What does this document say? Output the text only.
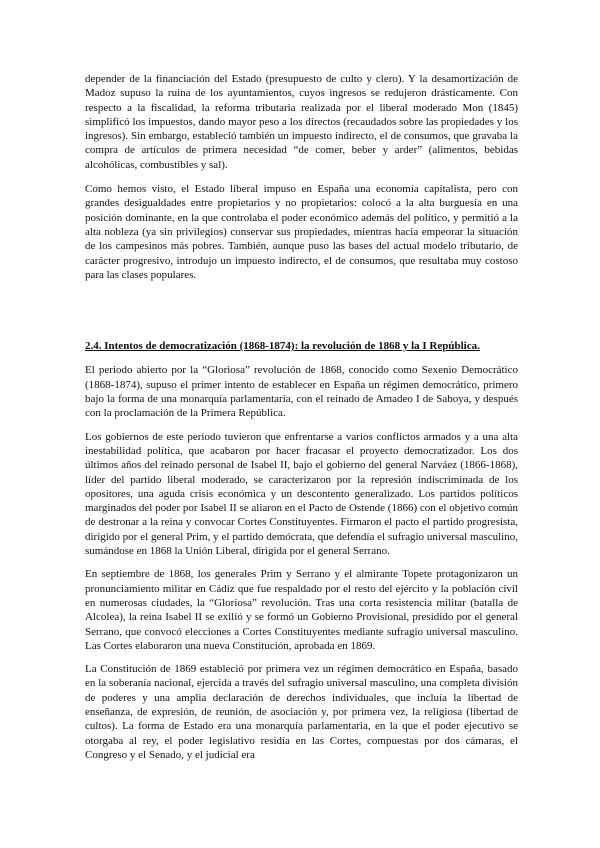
depender de la financiación del Estado (presupuesto de culto y clero). Y la desamortización de Madoz supuso la ruina de los ayuntamientos, cuyos ingresos se redujeron drásticamente. Con respecto a la fiscalidad, la reforma tributaria realizada por el liberal moderado Mon (1845) simplificó los impuestos, dando mayor peso a los directos (recaudados sobre las propiedades y los ingresos). Sin embargo, estableció también un impuesto indirecto, el de consumos, que gravaba la compra de artículos de primera necesidad “de comer, beber y arder” (alimentos, bebidas alcohólicas, combustibles y sal).

Como hemos visto, el Estado liberal impuso en España una economía capitalista, pero con grandes desigualdades entre propietarios y no propietarios: colocó a la alta burguesía en una posición dominante, en la que controlaba el poder económico además del político, y permitió a la alta nobleza (ya sin privilegios) conservar sus propiedades, mientras hacía empeorar la situación de los campesinos más pobres. También, aunque puso las bases del actual modelo tributario, de carácter progresivo, introdujo un impuesto indirecto, el de consumos, que resultaba muy costoso para las clases populares.

2.4. Intentos de democratización (1868-1874): la revolución de 1868 y la I República.

El periodo abierto por la “Gloriosa” revolución de 1868, conocido como Sexenio Democrático (1868-1874), supuso el primer intento de establecer en España un régimen democrático, primero bajo la forma de una monarquía parlamentaria, con el reinado de Amadeo I de Saboya, y después con la proclamación de la Primera República.

Los gobiernos de este periodo tuvieron que enfrentarse a varios conflictos armados y a una alta inestabilidad política, que acabaron por hacer fracasar el proyecto democratizador. Los dos últimos años del reinado personal de Isabel II, bajo el gobierno del general Narváez (1866-1868), líder del partido liberal moderado, se caracterizaron por la represión indiscriminada de los opositores, una aguda crisis económica y un descontento generalizado. Los partidos políticos marginados del poder por Isabel II se aliaron en el Pacto de Ostende (1866) con el objetivo común de destronar a la reina y convocar Cortes Constituyentes. Firmaron el pacto el partido progresista, dirigido por el general Prim, y el partido demócrata, que defendía el sufragio universal masculino, sumándose en 1868 la Unión Liberal, dirigida por el general Serrano.

En septiembre de 1868, los generales Prim y Serrano y el almirante Topete protagonizaron un pronunciamiento militar en Cádiz que fue respaldado por el resto del ejército y la población civil en numerosas ciudades, la “Gloriosa” revolución. Tras una corta resistencia militar (batalla de Alcolea), la reina Isabel II se exilió y se formó un Gobierno Provisional, presidido por el general Serrano, que convocó elecciones a Cortes Constituyentes mediante sufragio universal masculino. Las Cortes elaboraron una nueva Constitución, aprobada en 1869.

La Constitución de 1869 estableció por primera vez un régimen democrático en España, basado en la soberanía nacional, ejercida a través del sufragio universal masculino, una completa división de poderes y una amplia declaración de derechos individuales, que incluía la libertad de enseñanza, de expresión, de reunión, de asociación y, por primera vez, la religiosa (libertad de cultos). La forma de Estado era una monarquía parlamentaria, en la que el poder ejecutivo se otorgaba al rey, el poder legislativo residía en las Cortes, compuestas por dos cámaras, el Congreso y el Senado, y el judicial era
